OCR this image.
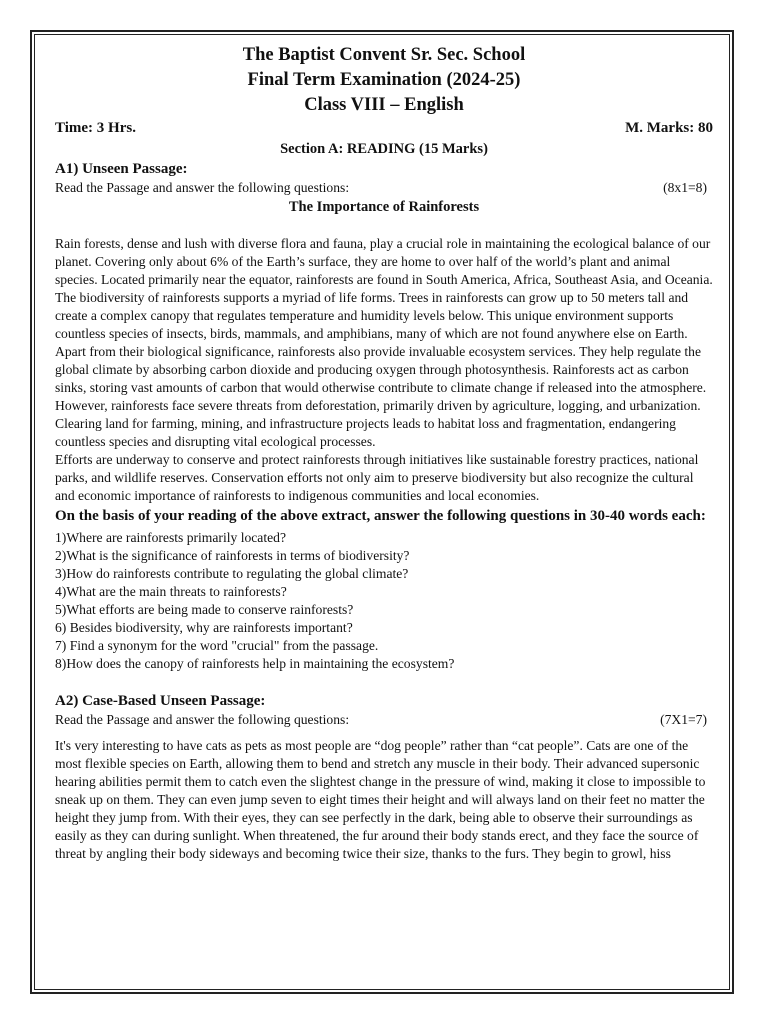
The Baptist Convent Sr. Sec. School
Final Term Examination (2024-25)
Class VIII – English
Time: 3 Hrs.	M. Marks: 80
Section A: READING (15 Marks)
A1) Unseen Passage:
Read the Passage and answer the following questions:	(8x1=8)
The Importance of Rainforests

Rain forests, dense and lush with diverse flora and fauna, play a crucial role in maintaining the ecological balance of our planet. Covering only about 6% of the Earth’s surface, they are home to over half of the world’s plant and animal species. Located primarily near the equator, rainforests are found in South America, Africa, Southeast Asia, and Oceania.

The biodiversity of rainforests supports a myriad of life forms. Trees in rainforests can grow up to 50 meters tall and create a complex canopy that regulates temperature and humidity levels below. This unique environment supports countless species of insects, birds, mammals, and amphibians, many of which are not found anywhere else on Earth.

Apart from their biological significance, rainforests also provide invaluable ecosystem services. They help regulate the global climate by absorbing carbon dioxide and producing oxygen through photosynthesis. Rainforests act as carbon sinks, storing vast amounts of carbon that would otherwise contribute to climate change if released into the atmosphere.

However, rainforests face severe threats from deforestation, primarily driven by agriculture, logging, and urbanization. Clearing land for farming, mining, and infrastructure projects leads to habitat loss and fragmentation, endangering countless species and disrupting vital ecological processes.

Efforts are underway to conserve and protect rainforests through initiatives like sustainable forestry practices, national parks, and wildlife reserves. Conservation efforts not only aim to preserve biodiversity but also recognize the cultural and economic importance of rainforests to indigenous communities and local economies.

On the basis of your reading of the above extract, answer the following questions in 30-40 words each:
1)Where are rainforests primarily located?
2)What is the significance of rainforests in terms of biodiversity?
3)How do rainforests contribute to regulating the global climate?
4)What are the main threats to rainforests?
5)What efforts are being made to conserve rainforests?
6) Besides biodiversity, why are rainforests important?
7) Find a synonym for the word "crucial" from the passage.
8)How does the canopy of rainforests help in maintaining the ecosystem?
A2) Case-Based Unseen Passage:
Read the Passage and answer the following questions:	(7X1=7)

It's very interesting to have cats as pets as most people are “dog people” rather than “cat people”. Cats are one of the most flexible species on Earth, allowing them to bend and stretch any muscle in their body. Their advanced supersonic hearing abilities permit them to catch even the slightest change in the pressure of wind, making it close to impossible to sneak up on them. They can even jump seven to eight times their height and will always land on their feet no matter the height they jump from. With their eyes, they can see perfectly in the dark, being able to observe their surroundings as easily as they can during sunlight. When threatened, the fur around their body stands erect, and they face the source of threat by angling their body sideways and becoming twice their size, thanks to the furs. They begin to growl, hiss
